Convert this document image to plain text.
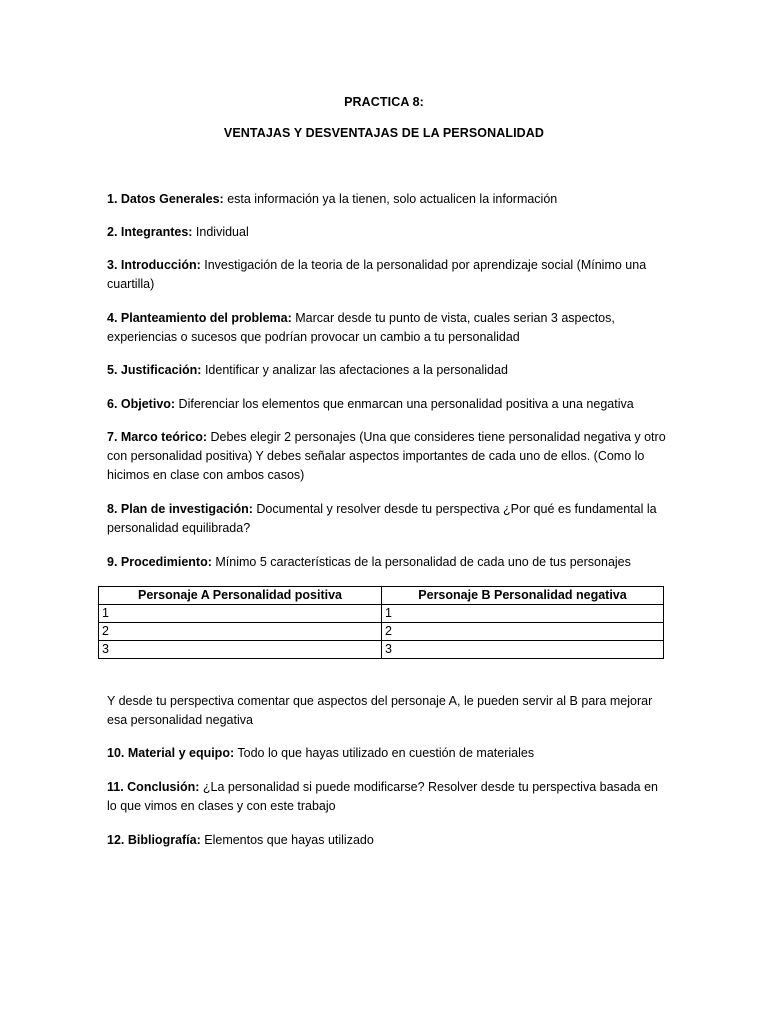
PRACTICA 8:
VENTAJAS Y DESVENTAJAS DE LA PERSONALIDAD

1. Datos Generales: esta información ya la tienen, solo actualicen la información

2. Integrantes: Individual

3. Introducción: Investigación de la teoria de la personalidad por aprendizaje social (Mínimo una cuartilla)

4. Planteamiento del problema: Marcar desde tu punto de vista, cuales serian 3 aspectos, experiencias o sucesos que podrían provocar un cambio a tu personalidad

5. Justificación: Identificar y analizar las afectaciones a la personalidad

6. Objetivo: Diferenciar los elementos que enmarcan una personalidad positiva a una negativa

7. Marco teórico: Debes elegir 2 personajes (Una que consideres tiene personalidad negativa y otro con personalidad positiva) Y debes señalar aspectos importantes de cada uno de ellos. (Como lo hicimos en clase con ambos casos)

8. Plan de investigación: Documental y resolver desde tu perspectiva ¿Por qué es fundamental la personalidad equilibrada?

9. Procedimiento: Mínimo 5 características de la personalidad de cada uno de tus personajes

Personaje A Personalidad positiva	Personaje B Personalidad negativa
1	1
2	2
3	3

Y desde tu perspectiva comentar que aspectos del personaje A, le pueden servir al B para mejorar esa personalidad negativa

10. Material y equipo: Todo lo que hayas utilizado en cuestión de materiales

11. Conclusión: ¿La personalidad si puede modificarse? Resolver desde tu perspectiva basada en lo que vimos en clases y con este trabajo

12. Bibliografía: Elementos que hayas utilizado
